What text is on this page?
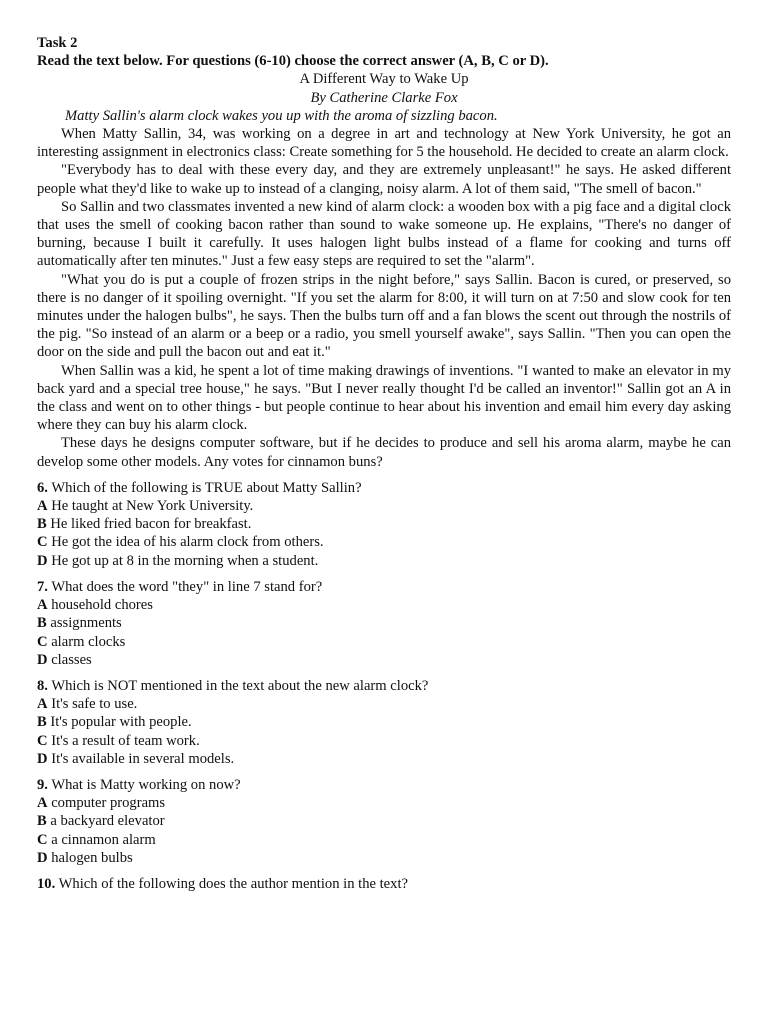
Task 2
Read the text below. For questions (6-10) choose the correct answer (A, B, C or D).
A Different Way to Wake Up
By Catherine Clarke Fox
Matty Sallin's alarm clock wakes you up with the aroma of sizzling bacon.

When Matty Sallin, 34, was working on a degree in art and technology at New York University, he got an interesting assignment in electronics class: Create something for 5 the household. He decided to create an alarm clock.

"Everybody has to deal with these every day, and they are extremely unpleasant!" he says. He asked different people what they'd like to wake up to instead of a clanging, noisy alarm. A lot of them said, "The smell of bacon."

So Sallin and two classmates invented a new kind of alarm clock: a wooden box with a pig face and a digital clock that uses the smell of cooking bacon rather than sound to wake someone up. He explains, "There's no danger of burning, because I built it carefully. It uses halogen light bulbs instead of a flame for cooking and turns off automatically after ten minutes." Just a few easy steps are required to set the "alarm".

"What you do is put a couple of frozen strips in the night before," says Sallin. Bacon is cured, or preserved, so there is no danger of it spoiling overnight. "If you set the alarm for 8:00, it will turn on at 7:50 and slow cook for ten minutes under the halogen bulbs", he says. Then the bulbs turn off and a fan blows the scent out through the nostrils of the pig. "So instead of an alarm or a beep or a radio, you smell yourself awake", says Sallin. "Then you can open the door on the side and pull the bacon out and eat it."

When Sallin was a kid, he spent a lot of time making drawings of inventions. "I wanted to make an elevator in my back yard and a special tree house," he says. "But I never really thought I'd be called an inventor!" Sallin got an A in the class and went on to other things - but people continue to hear about his invention and email him every day asking where they can buy his alarm clock.

These days he designs computer software, but if he decides to produce and sell his aroma alarm, maybe he can develop some other models. Any votes for cinnamon buns?

6. Which of the following is TRUE about Matty Sallin?

A He taught at New York University.

B He liked fried bacon for breakfast.

C He got the idea of his alarm clock from others.

D He got up at 8 in the morning when a student.

7. What does the word "they" in line 7 stand for?

A household chores

B assignments

C alarm clocks

D classes

8. Which is NOT mentioned in the text about the new alarm clock?

A It's safe to use.

B It's popular with people.

C It's a result of team work.

D It's available in several models.

9. What is Matty working on now?

A computer programs

B a backyard elevator

C a cinnamon alarm

D halogen bulbs

10. Which of the following does the author mention in the text?
